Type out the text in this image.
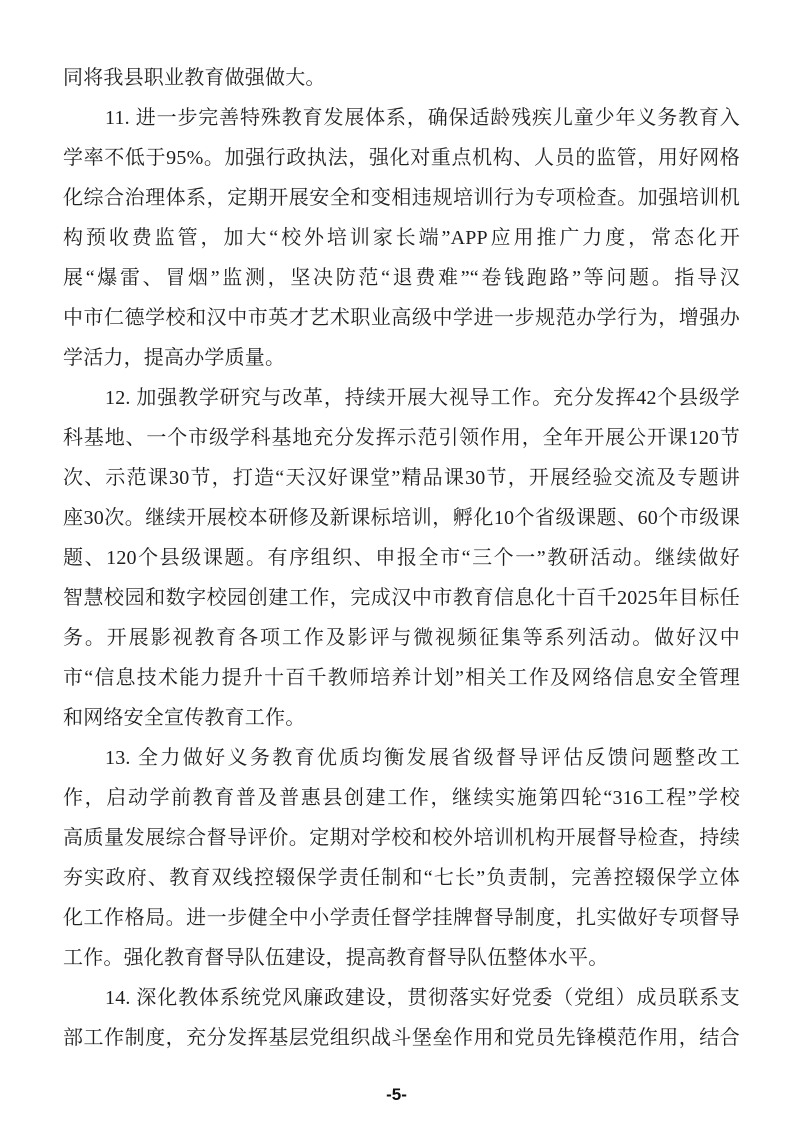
同将我县职业教育做强做大。
11. 进一步完善特殊教育发展体系，确保适龄残疾儿童少年义务教育入
学率不低于95%。加强行政执法，强化对重点机构、人员的监管，用好网格
化综合治理体系，定期开展安全和变相违规培训行为专项检查。加强培训机
构预收费监管，加大“校外培训家长端”APP应用推广力度，常态化开
展“爆雷、冒烟”监测，坚决防范“退费难”“卷钱跑路”等问题。指导汉
中市仁德学校和汉中市英才艺术职业高级中学进一步规范办学行为，增强办
学活力，提高办学质量。
12. 加强教学研究与改革，持续开展大视导工作。充分发挥42个县级学
科基地、一个市级学科基地充分发挥示范引领作用，全年开展公开课120节
次、示范课30节，打造“天汉好课堂”精品课30节，开展经验交流及专题讲
座30次。继续开展校本研修及新课标培训，孵化10个省级课题、60个市级课
题、120个县级课题。有序组织、申报全市“三个一”教研活动。继续做好
智慧校园和数字校园创建工作，完成汉中市教育信息化十百千2025年目标任
务。开展影视教育各项工作及影评与微视频征集等系列活动。做好汉中
市“信息技术能力提升十百千教师培养计划”相关工作及网络信息安全管理
和网络安全宣传教育工作。
13. 全力做好义务教育优质均衡发展省级督导评估反馈问题整改工
作，启动学前教育普及普惠县创建工作，继续实施第四轮“316工程”学校
高质量发展综合督导评价。定期对学校和校外培训机构开展督导检查，持续
夯实政府、教育双线控辍保学责任制和“七长”负责制，完善控辍保学立体
化工作格局。进一步健全中小学责任督学挂牌督导制度，扎实做好专项督导
工作。强化教育督导队伍建设，提高教育督导队伍整体水平。
14. 深化教体系统党风廉政建设，贯彻落实好党委（党组）成员联系支
部工作制度，充分发挥基层党组织战斗堡垒作用和党员先锋模范作用，结合
-5-
